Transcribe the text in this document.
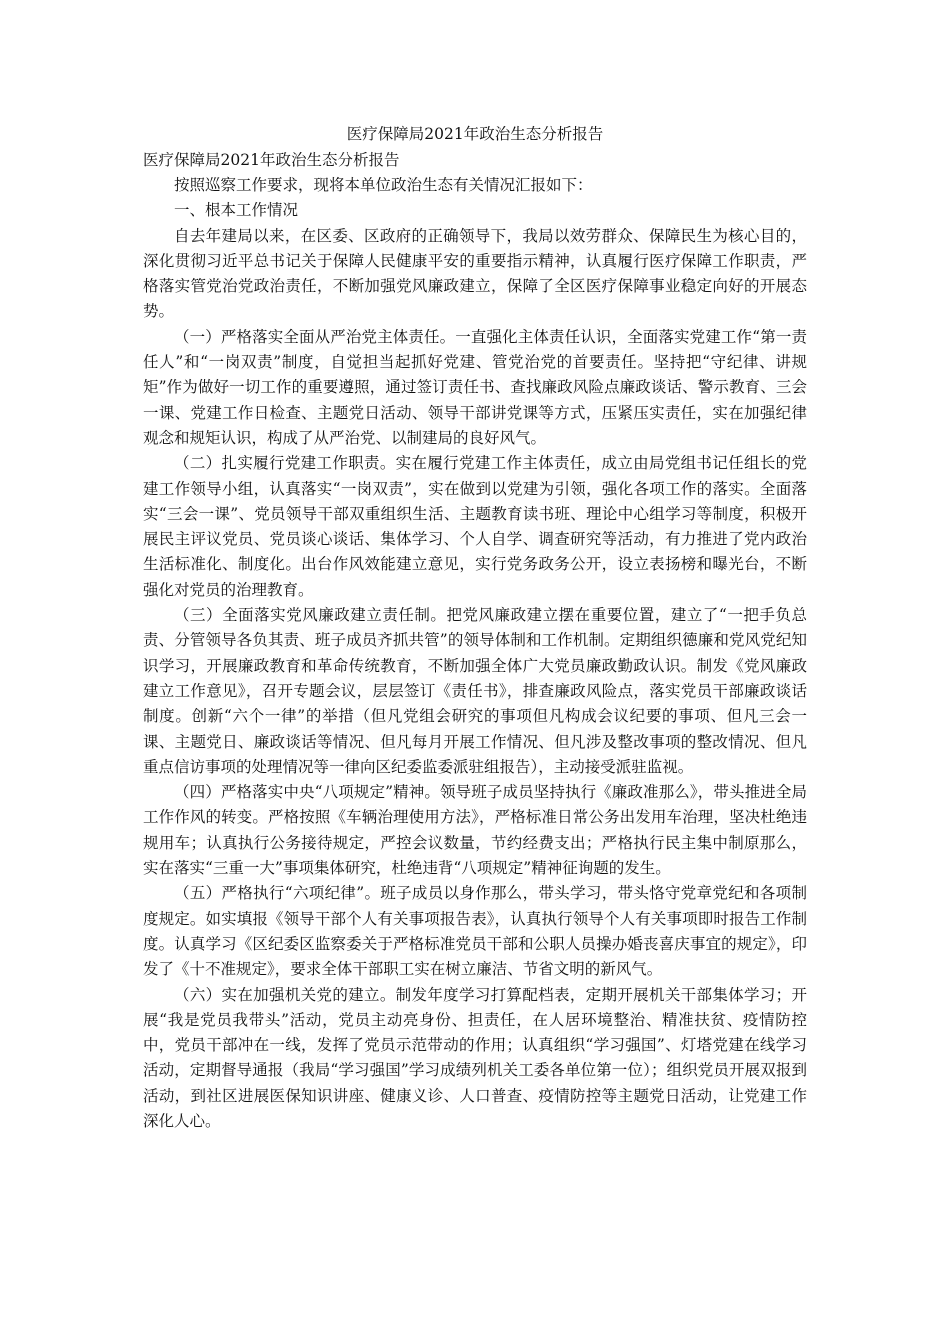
医疗保障局2021年政治生态分析报告
医疗保障局2021年政治生态分析报告

按照巡察工作要求，现将本单位政治生态有关情况汇报如下：

一、根本工作情况

自去年建局以来，在区委、区政府的正确领导下，我局以效劳群众、保障民生为核心目的，深化贯彻习近平总书记关于保障人民健康平安的重要指示精神，认真履行医疗保障工作职责，严格落实管党治党政治责任，不断加强党风廉政建立，保障了全区医疗保障事业稳定向好的开展态势。

（一）严格落实全面从严治党主体责任。一直强化主体责任认识，全面落实党建工作“第一责任人”和“一岗双责”制度，自觉担当起抓好党建、管党治党的首要责任。坚持把“守纪律、讲规矩”作为做好一切工作的重要遵照，通过签订责任书、查找廉政风险点廉政谈话、警示教育、三会一课、党建工作日检查、主题党日活动、领导干部讲党课等方式，压紧压实责任，实在加强纪律观念和规矩认识，构成了从严治党、以制建局的良好风气。

（二）扎实履行党建工作职责。实在履行党建工作主体责任，成立由局党组书记任组长的党建工作领导小组，认真落实“一岗双责”，实在做到以党建为引领，强化各项工作的落实。全面落实“三会一课”、党员领导干部双重组织生活、主题教育读书班、理论中心组学习等制度，积极开展民主评议党员、党员谈心谈话、集体学习、个人自学、调查研究等活动，有力推进了党内政治生活标准化、制度化。出台作风效能建立意见，实行党务政务公开，设立表扬榜和曝光台，不断强化对党员的治理教育。

（三）全面落实党风廉政建立责任制。把党风廉政建立摆在重要位置，建立了“一把手负总责、分管领导各负其责、班子成员齐抓共管”的领导体制和工作机制。定期组织德廉和党风党纪知识学习，开展廉政教育和革命传统教育，不断加强全体广大党员廉政勤政认识。制发《党风廉政建立工作意见》，召开专题会议，层层签订《责任书》，排查廉政风险点，落实党员干部廉政谈话制度。创新“六个一律”的举措（但凡党组会研究的事项但凡构成会议纪要的事项、但凡三会一课、主题党日、廉政谈话等情况、但凡每月开展工作情况、但凡涉及整改事项的整改情况、但凡重点信访事项的处理情况等一律向区纪委监委派驻组报告），主动接受派驻监视。

（四）严格落实中央“八项规定”精神。领导班子成员坚持执行《廉政准那么》，带头推进全局工作作风的转变。严格按照《车辆治理使用方法》，严格标准日常公务出发用车治理，坚决杜绝违规用车；认真执行公务接待规定，严控会议数量，节约经费支出；严格执行民主集中制原那么，实在落实“三重一大”事项集体研究，杜绝违背“八项规定”精神征询题的发生。

（五）严格执行“六项纪律”。班子成员以身作那么，带头学习，带头恪守党章党纪和各项制度规定。如实填报《领导干部个人有关事项报告表》，认真执行领导个人有关事项即时报告工作制度。认真学习《区纪委区监察委关于严格标准党员干部和公职人员操办婚丧喜庆事宜的规定》，印发了《十不准规定》，要求全体干部职工实在树立廉洁、节省文明的新风气。

（六）实在加强机关党的建立。制发年度学习打算配档表，定期开展机关干部集体学习；开展“我是党员我带头”活动，党员主动亮身份、担责任，在人居环境整治、精准扶贫、疫情防控中，党员干部冲在一线，发挥了党员示范带动的作用；认真组织“学习强国”、灯塔党建在线学习活动，定期督导通报（我局“学习强国”学习成绩列机关工委各单位第一位）；组织党员开展双报到活动，到社区进展医保知识讲座、健康义诊、人口普查、疫情防控等主题党日活动，让党建工作深化人心。
